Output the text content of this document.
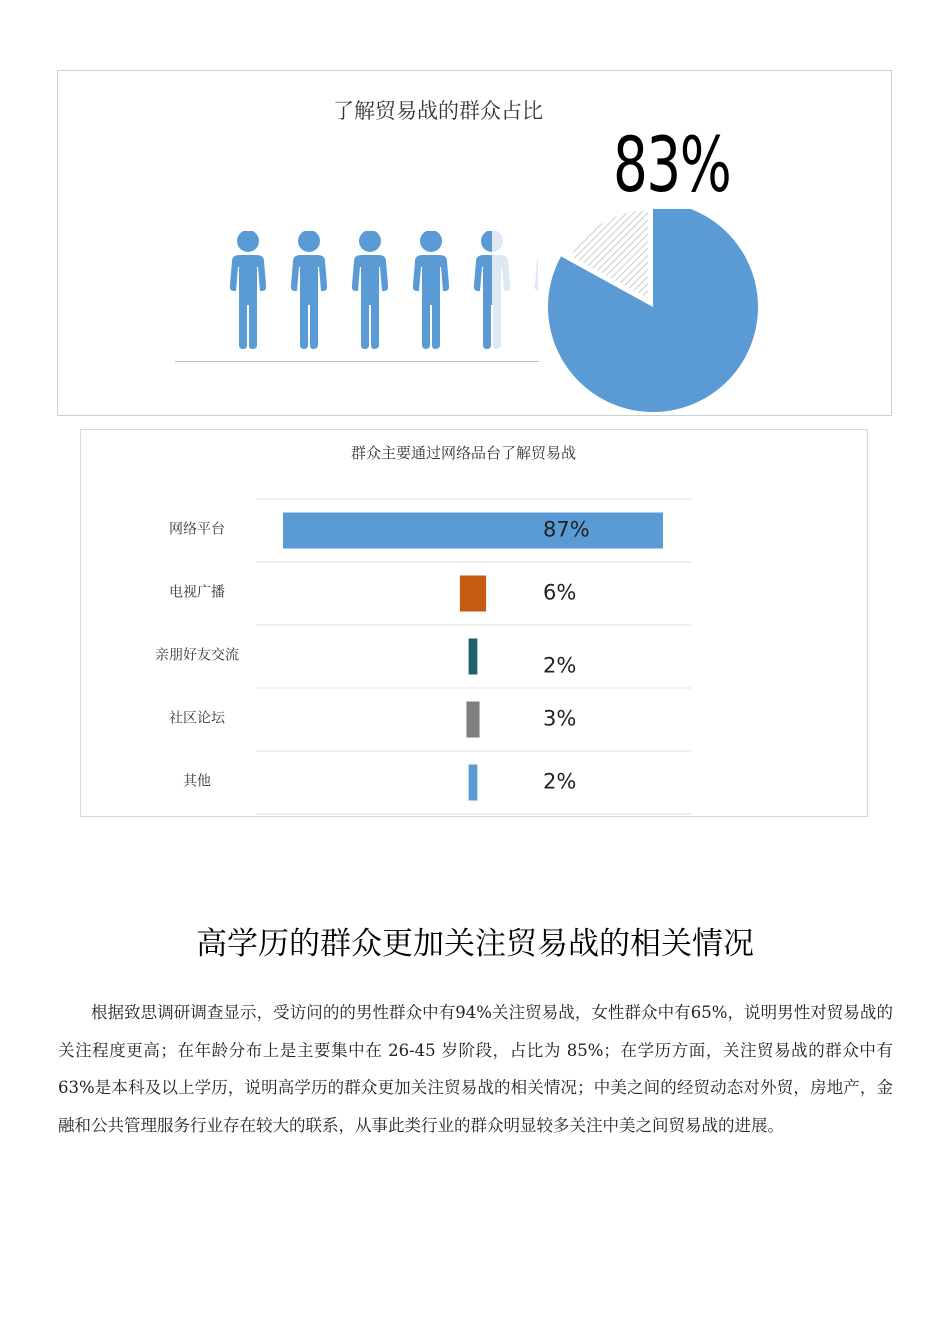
了解贸易战的群众占比
83%
群众主要通过网络品台了解贸易战
网络平台	87%
电视广播	6%
亲朋好友交流	2%
社区论坛	3%
其他	2%
高学历的群众更加关注贸易战的相关情况

根据致思调研调查显示，受访问的的男性群众中有94%关注贸易战，女性群众中有65%，说明男性对贸易战的关注程度更高；在年龄分布上是主要集中在 26-45 岁阶段，占比为 85%；在学历方面，关注贸易战的群众中有63%是本科及以上学历，说明高学历的群众更加关注贸易战的相关情况；中美之间的经贸动态对外贸，房地产，金融和公共管理服务行业存在较大的联系，从事此类行业的群众明显较多关注中美之间贸易战的进展。
